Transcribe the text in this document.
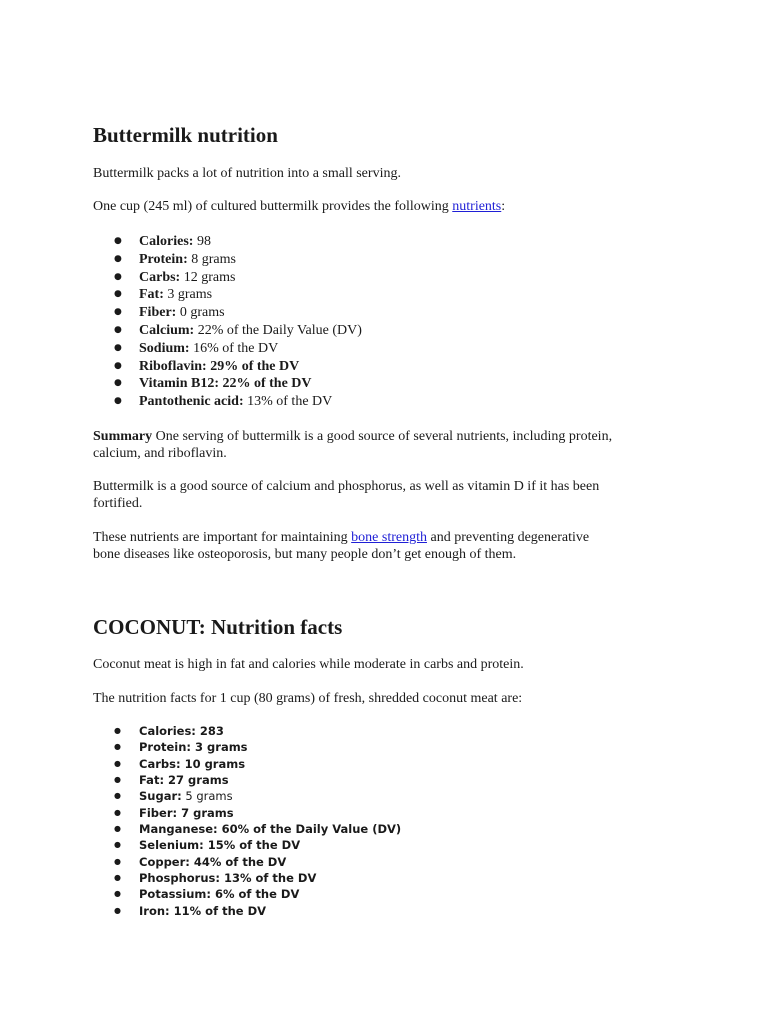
Buttermilk nutrition

Buttermilk packs a lot of nutrition into a small serving.

One cup (245 ml) of cultured buttermilk provides the following nutrients:

● Calories: 98
● Protein: 8 grams
● Carbs: 12 grams
● Fat: 3 grams
● Fiber: 0 grams
● Calcium: 22% of the Daily Value (DV)
● Sodium: 16% of the DV
● Riboflavin: 29% of the DV
● Vitamin B12: 22% of the DV
● Pantothenic acid: 13% of the DV

Summary One serving of buttermilk is a good source of several nutrients, including protein,
calcium, and riboflavin.

Buttermilk is a good source of calcium and phosphorus, as well as vitamin D if it has been
fortified.

These nutrients are important for maintaining bone strength and preventing degenerative
bone diseases like osteoporosis, but many people don’t get enough of them.

COCONUT: Nutrition facts

Coconut meat is high in fat and calories while moderate in carbs and protein.

The nutrition facts for 1 cup (80 grams) of fresh, shredded coconut meat are:

● Calories: 283
● Protein: 3 grams
● Carbs: 10 grams
● Fat: 27 grams
● Sugar: 5 grams
● Fiber: 7 grams
● Manganese: 60% of the Daily Value (DV)
● Selenium: 15% of the DV
● Copper: 44% of the DV
● Phosphorus: 13% of the DV
● Potassium: 6% of the DV
● Iron: 11% of the DV
